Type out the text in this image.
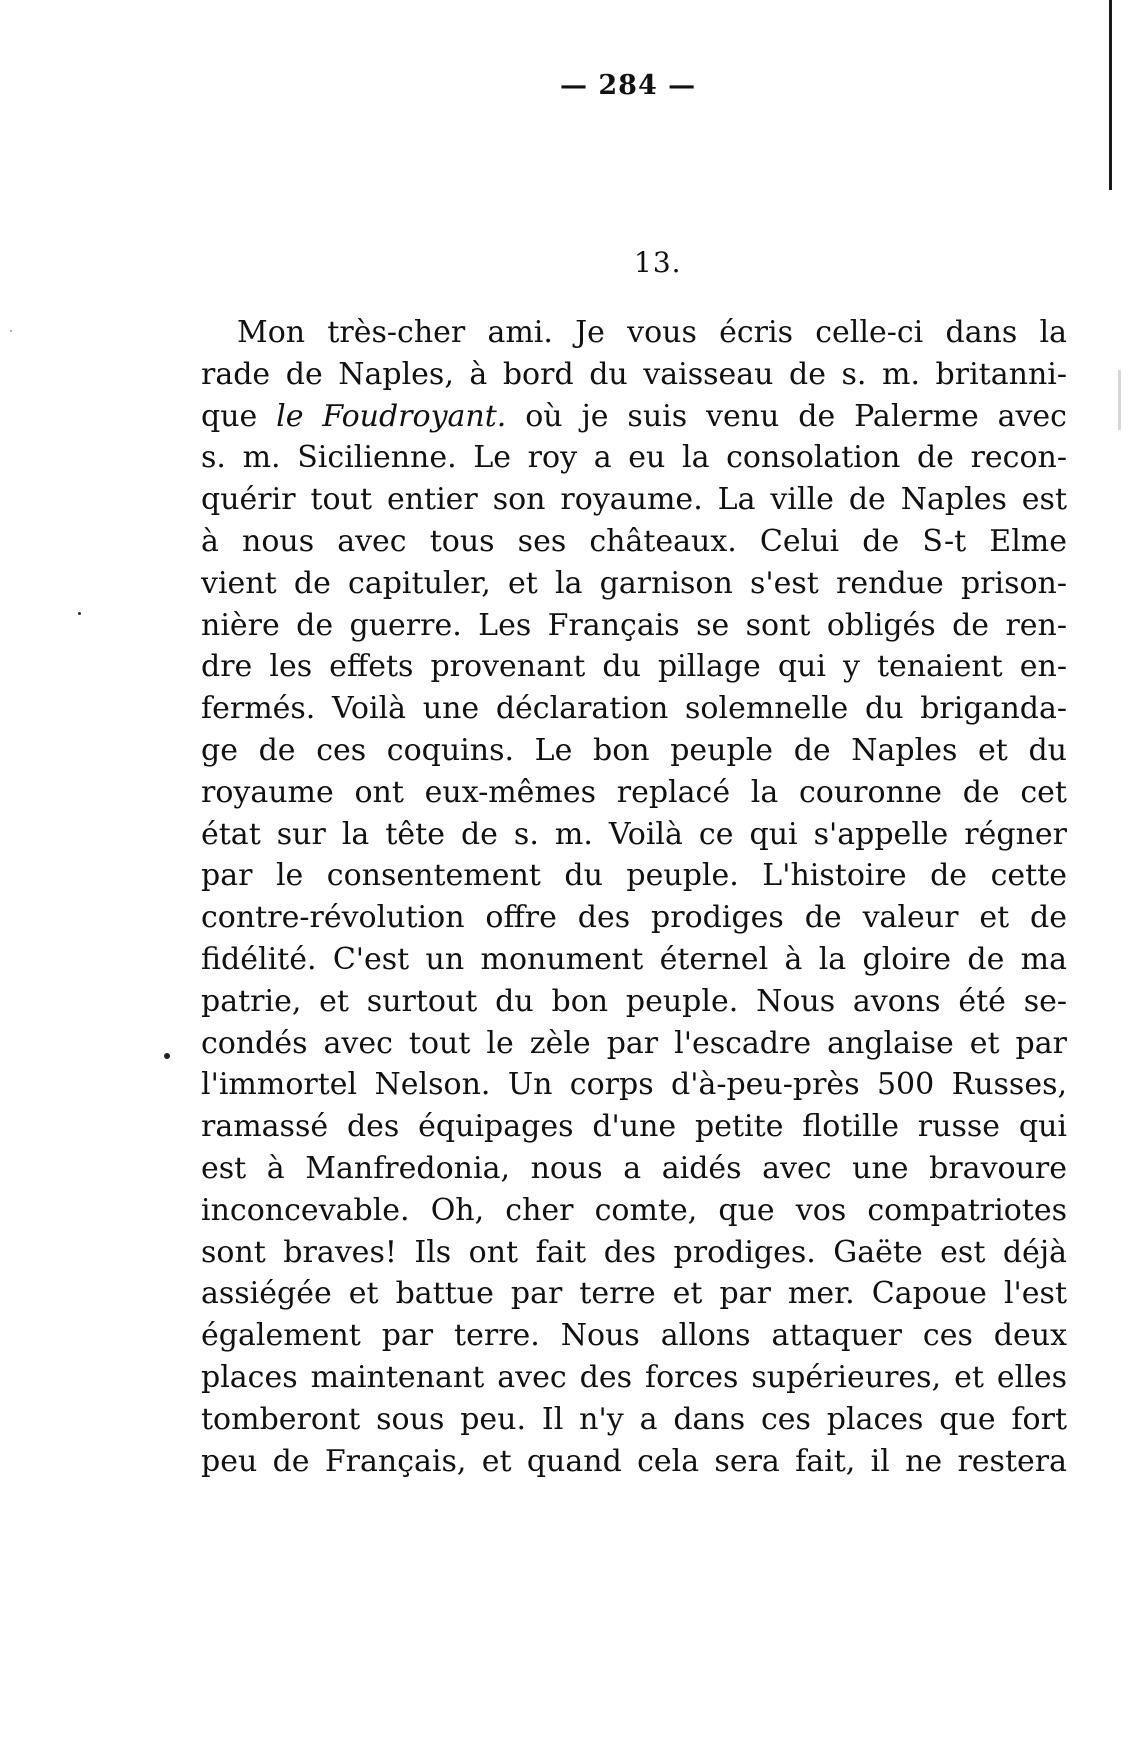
— 284 —
13.
Mon très-cher ami. Je vous écris celle-ci dans la
rade de Naples, à bord du vaisseau de s. m. britanni-
que le Foudroyant. où je suis venu de Palerme avec
s. m. Sicilienne. Le roy a eu la consolation de recon-
quérir tout entier son royaume. La ville de Naples est
à nous avec tous ses châteaux. Celui de S-t Elme
vient de capituler, et la garnison s'est rendue prison-
nière de guerre. Les Français se sont obligés de ren-
dre les effets provenant du pillage qui y tenaient en-
fermés. Voilà une déclaration solemnelle du briganda-
ge de ces coquins. Le bon peuple de Naples et du
royaume ont eux-mêmes replacé la couronne de cet
état sur la tête de s. m. Voilà ce qui s'appelle régner
par le consentement du peuple. L'histoire de cette
contre-révolution offre des prodiges de valeur et de
fidélité. C'est un monument éternel à la gloire de ma
patrie, et surtout du bon peuple. Nous avons été se-
condés avec tout le zèle par l'escadre anglaise et par
l'immortel Nelson. Un corps d'à-peu-près 500 Russes,
ramassé des équipages d'une petite flotille russe qui
est à Manfredonia, nous a aidés avec une bravoure
inconcevable. Oh, cher comte, que vos compatriotes
sont braves! Ils ont fait des prodiges. Gaëte est déjà
assiégée et battue par terre et par mer. Capoue l'est
également par terre. Nous allons attaquer ces deux
places maintenant avec des forces supérieures, et elles
tomberont sous peu. Il n'y a dans ces places que fort
peu de Français, et quand cela sera fait, il ne restera
